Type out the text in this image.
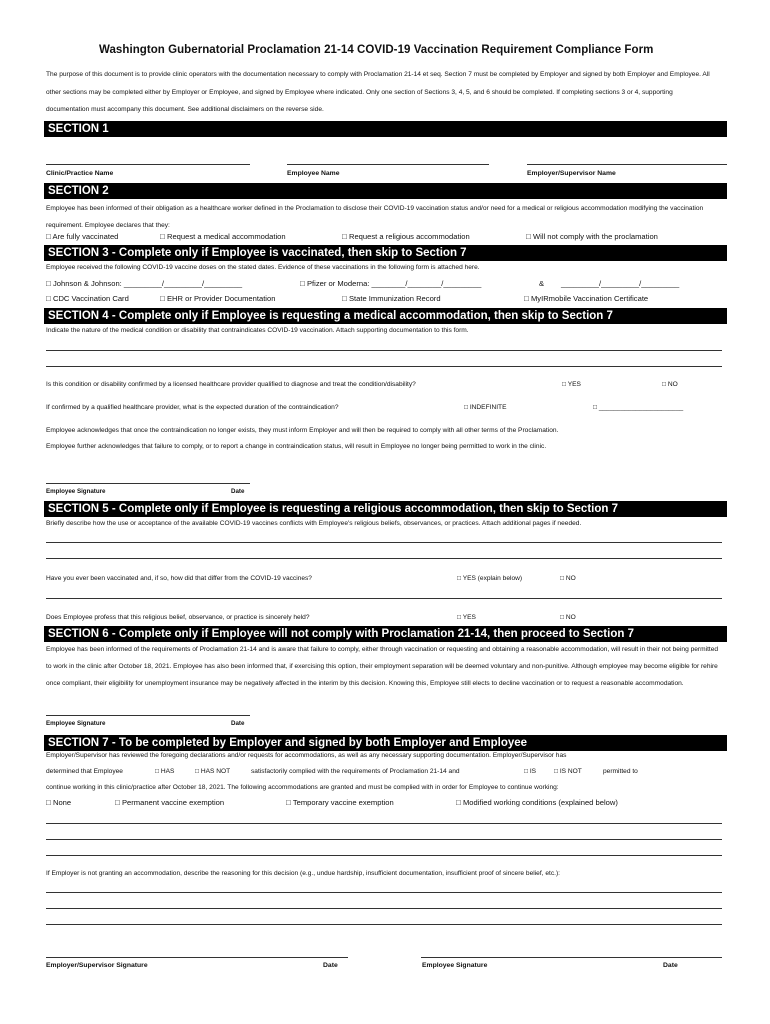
Washington Gubernatorial Proclamation 21-14 COVID-19 Vaccination Requirement Compliance Form
The purpose of this document is to provide clinic operators with the documentation necessary to comply with Proclamation 21-14 et seq. Section 7 must be completed by Employer and signed by both Employer and Employee. All other sections may be completed either by Employer or Employee, and signed by Employee where indicated. Only one section of Sections 3, 4, 5, and 6 should be completed. If completing sections 3 or 4, supporting documentation must accompany this document. See additional disclaimers on the reverse side.
SECTION 1
Clinic/Practice Name	Employee Name	Employer/Supervisor Name
SECTION 2
Employee has been informed of their obligation as a healthcare worker defined in the Proclamation to disclose their COVID-19 vaccination status and/or need for a medical or religious accommodation modifying the vaccination requirement. Employee declares that they:
□ Are fully vaccinated	□ Request a medical accommodation	□ Request a religious accommodation	□ Will not comply with the proclamation
SECTION 3 - Complete only if Employee is vaccinated, then skip to Section 7
Employee received the following COVID-19 vaccine doses on the stated dates. Evidence of these vaccinations in the following form is attached here.
□ Johnson & Johnson: _________/_________/_________	□ Pfizer or Moderna: ________/________/_________	& _________/_________/_________
□ CDC Vaccination Card	□ EHR or Provider Documentation	□ State Immunization Record	□ MyIRmobile Vaccination Certificate
SECTION 4 - Complete only if Employee is requesting a medical accommodation, then skip to Section 7
Indicate the nature of the medical condition or disability that contraindicates COVID-19 vaccination. Attach supporting documentation to this form.
Is this condition or disability confirmed by a licensed healthcare provider qualified to diagnose and treat the condition/disability?	□ YES	□ NO
If confirmed by a qualified healthcare provider, what is the expected duration of the contraindication?	□ INDEFINITE	□ _______________________
Employee acknowledges that once the contraindication no longer exists, they must inform Employer and will then be required to comply with all other terms of the Proclamation.
Employee further acknowledges that failure to comply, or to report a change in contraindication status, will result in Employee no longer being permitted to work in the clinic.
Employee Signature	Date
SECTION 5 - Complete only if Employee is requesting a religious accommodation, then skip to Section 7
Briefly describe how the use or acceptance of the available COVID-19 vaccines conflicts with Employee's religious beliefs, observances, or practices. Attach additional pages if needed.
Have you ever been vaccinated and, if so, how did that differ from the COVID-19 vaccines?	□ YES (explain below)	□ NO
Does Employee profess that this religious belief, observance, or practice is sincerely held?	□ YES	□ NO
SECTION 6 - Complete only if Employee will not comply with Proclamation 21-14, then proceed to Section 7
Employee has been informed of the requirements of Proclamation 21-14 and is aware that failure to comply, either through vaccination or requesting and obtaining a reasonable accommodation, will result in their not being permitted to work in the clinic after October 18, 2021. Employee has also been informed that, if exercising this option, their employment separation will be deemed voluntary and non-punitive. Although employee may become eligible for rehire once compliant, their eligibility for unemployment insurance may be negatively affected in the interim by this decision. Knowing this, Employee still elects to decline vaccination or to request a reasonable accommodation.
Employee Signature	Date
SECTION 7 - To be completed by Employer and signed by both Employer and Employee
Employer/Supervisor has reviewed the foregoing declarations and/or requests for accommodations, as well as any necessary supporting documentation. Employer/Supervisor has
determined that Employee	□ HAS	□ HAS NOT	satisfactorily complied with the requirements of Proclamation 21-14 and	□ IS	□ IS NOT	permitted to
continue working in this clinic/practice after October 18, 2021. The following accommodations are granted and must be complied with in order for Employee to continue working:
□ None	□ Permanent vaccine exemption	□ Temporary vaccine exemption	□ Modified working conditions (explained below)
If Employer is not granting an accommodation, describe the reasoning for this decision (e.g., undue hardship, insufficient documentation, insufficient proof of sincere belief, etc.):
Employer/Supervisor Signature	Date	Employee Signature	Date
